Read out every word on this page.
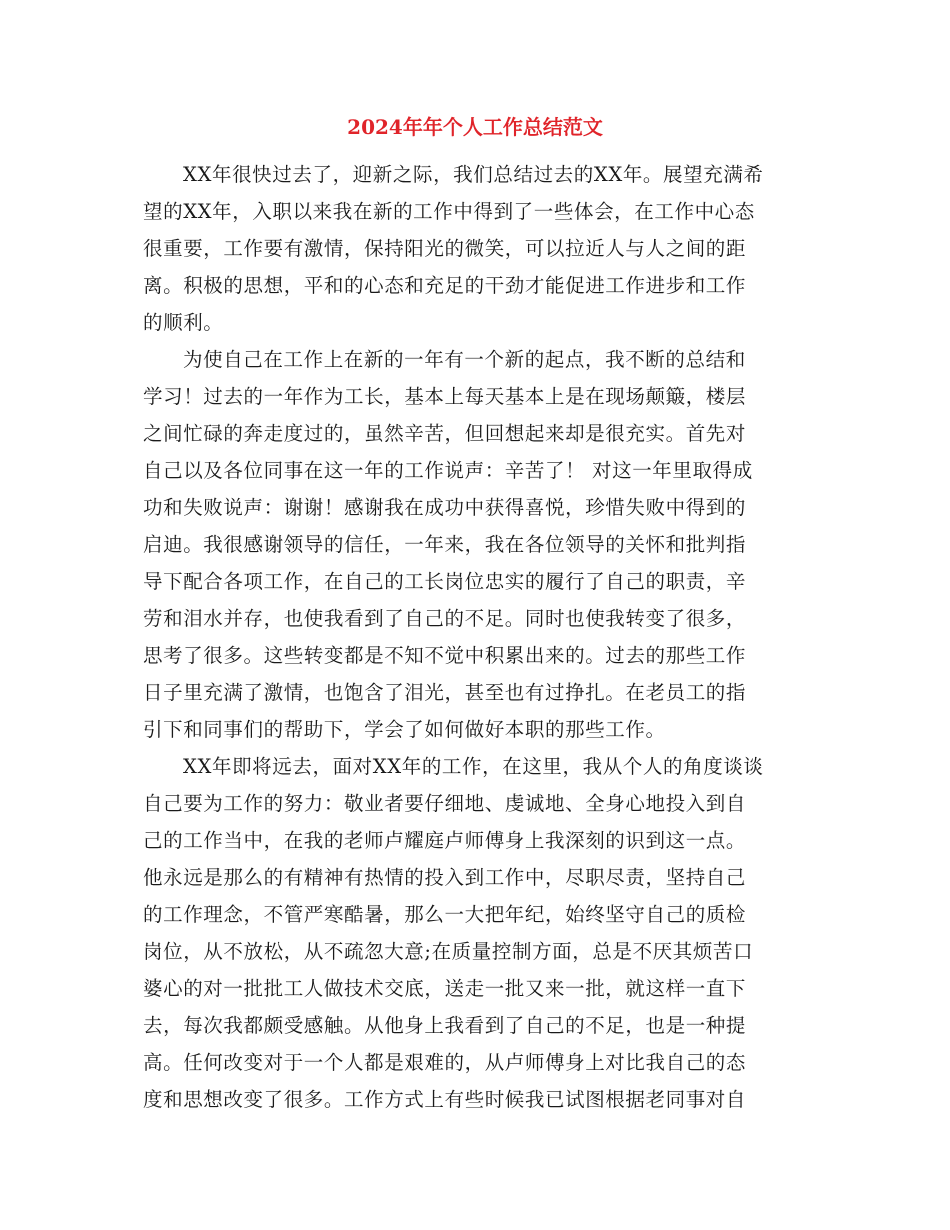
2024年年个人工作总结范文
XX年很快过去了，迎新之际，我们总结过去的XX年。展望充满希
望的XX年，入职以来我在新的工作中得到了一些体会，在工作中心态
很重要，工作要有激情，保持阳光的微笑，可以拉近人与人之间的距
离。积极的思想，平和的心态和充足的干劲才能促进工作进步和工作
的顺利。
为使自己在工作上在新的一年有一个新的起点，我不断的总结和
学习！过去的一年作为工长，基本上每天基本上是在现场颠簸，楼层
之间忙碌的奔走度过的，虽然辛苦，但回想起来却是很充实。首先对
自己以及各位同事在这一年的工作说声：辛苦了！ 对这一年里取得成
功和失败说声：谢谢！感谢我在成功中获得喜悦，珍惜失败中得到的
启迪。我很感谢领导的信任，一年来，我在各位领导的关怀和批判指
导下配合各项工作，在自己的工长岗位忠实的履行了自己的职责，辛
劳和泪水并存，也使我看到了自己的不足。同时也使我转变了很多，
思考了很多。这些转变都是不知不觉中积累出来的。过去的那些工作
日子里充满了激情，也饱含了泪光，甚至也有过挣扎。在老员工的指
引下和同事们的帮助下，学会了如何做好本职的那些工作。
XX年即将远去，面对XX年的工作，在这里，我从个人的角度谈谈
自己要为工作的努力：敬业者要仔细地、虔诚地、全身心地投入到自
己的工作当中，在我的老师卢耀庭卢师傅身上我深刻的识到这一点。
他永远是那么的有精神有热情的投入到工作中，尽职尽责，坚持自己
的工作理念，不管严寒酷暑，那么一大把年纪，始终坚守自己的质检
岗位，从不放松，从不疏忽大意;在质量控制方面，总是不厌其烦苦口
婆心的对一批批工人做技术交底，送走一批又来一批，就这样一直下
去，每次我都颇受感触。从他身上我看到了自己的不足，也是一种提
高。任何改变对于一个人都是艰难的，从卢师傅身上对比我自己的态
度和思想改变了很多。工作方式上有些时候我已试图根据老同事对自
